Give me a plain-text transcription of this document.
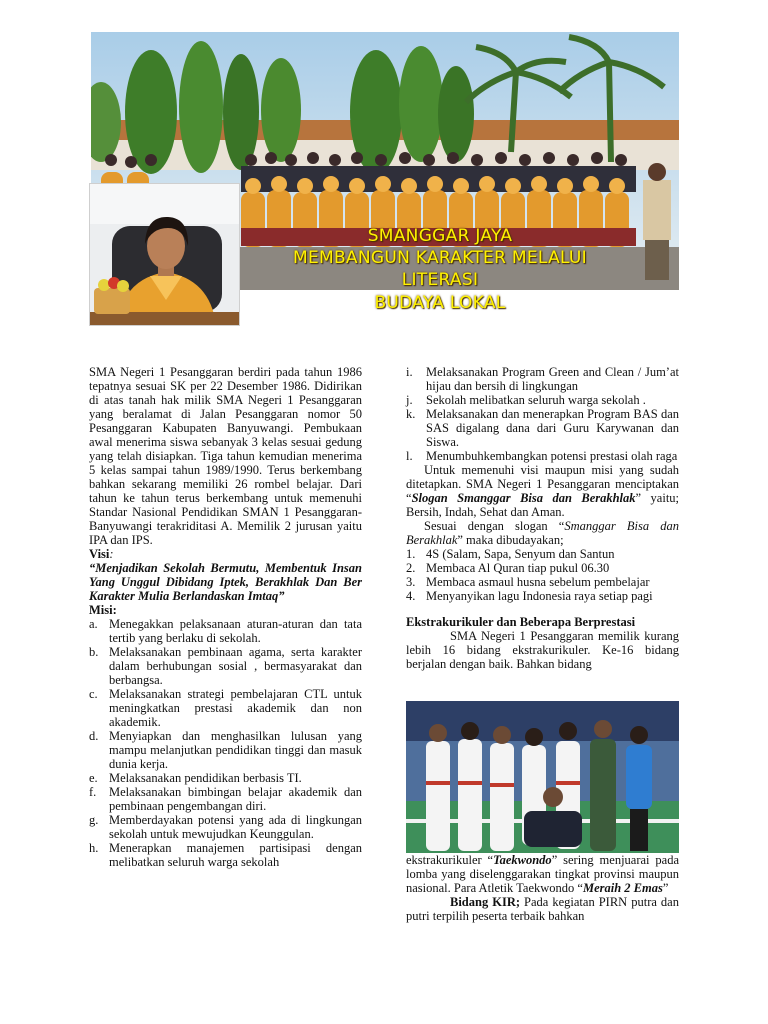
SMANGGAR JAYA
MEMBANGUN KARAKTER MELALUI
LITERASI
BUDAYA LOKAL

SMA Negeri 1 Pesanggaran berdiri pada tahun 1986 tepatnya sesuai SK per 22 Desember 1986. Didirikan di atas tanah hak milik SMA Negeri 1 Pesanggaran yang beralamat di Jalan Pesanggaran nomor 50 Pesanggaran Kabupaten Banyuwangi. Pembukaan awal menerima siswa sebanyak 3 kelas sesuai gedung yang telah disiapkan. Tiga tahun kemudian menerima 5 kelas sampai tahun 1989/1990. Terus berkembang bahkan sekarang memiliki 26 rombel belajar. Dari tahun ke tahun terus berkembang untuk memenuhi Standar Nasional Pendidikan SMAN 1 Pesanggaran-Banyuwangi terakriditasi A. Memilik 2 jurusan yaitu IPA dan IPS.

Visi:

“Menjadikan Sekolah Bermutu, Membentuk Insan Yang Unggul Dibidang Iptek, Berakhlak Dan Ber Karakter Mulia Berlandaskan Imtaq”

Misi:

a. Menegakkan pelaksanaan aturan-aturan dan tata tertib yang berlaku di sekolah.
b. Melaksanakan pembinaan agama, serta karakter dalam berhubungan sosial , bermasyarakat dan berbangsa.
c. Melaksanakan strategi pembelajaran CTL untuk meningkatkan prestasi akademik dan non akademik.
d. Menyiapkan dan menghasilkan lulusan yang mampu melanjutkan pendidikan tinggi dan masuk dunia kerja.
e. Melaksanakan pendidikan berbasis TI.
f. Melaksanakan bimbingan belajar akademik dan pembinaan pengembangan diri.
g. Memberdayakan potensi yang ada di lingkungan sekolah untuk mewujudkan Keunggulan.
h. Menerapkan manajemen partisipasi dengan melibatkan seluruh warga sekolah
i. Melaksanakan Program Green and Clean / Jum’at hijau dan bersih di lingkungan
j. Sekolah melibatkan seluruh warga sekolah .
k. Melaksanakan dan menerapkan Program BAS dan SAS digalang dana dari Guru Karywanan dan Siswa.
l. Menumbuhkembangkan potensi prestasi olah raga

Untuk memenuhi visi maupun misi yang sudah ditetapkan. SMA Negeri 1 Pesanggaran menciptakan “Slogan Smanggar Bisa dan Berakhlak” yaitu; Bersih, Indah, Sehat dan Aman.

Sesuai dengan slogan “Smanggar Bisa dan Berakhlak” maka dibudayakan;

1. 4S (Salam, Sapa, Senyum dan Santun
2. Membaca Al Quran tiap pukul 06.30
3. Membaca asmaul husna sebelum pembelajar
4. Menyanyikan lagu Indonesia raya setiap pagi

Ekstrakurikuler dan Beberapa Berprestasi

SMA Negeri 1 Pesanggaran memilik kurang lebih 16 bidang ekstrakurikuler. Ke-16 bidang berjalan dengan baik. Bahkan bidang

ekstrakurikuler “Taekwondo” sering menjuarai pada lomba yang diselenggarakan tingkat provinsi maupun nasional. Para Atletik Taekwondo “Meraih 2 Emas”

Bidang KIR; Pada kegiatan PIRN putra dan putri terpilih peserta terbaik bahkan
